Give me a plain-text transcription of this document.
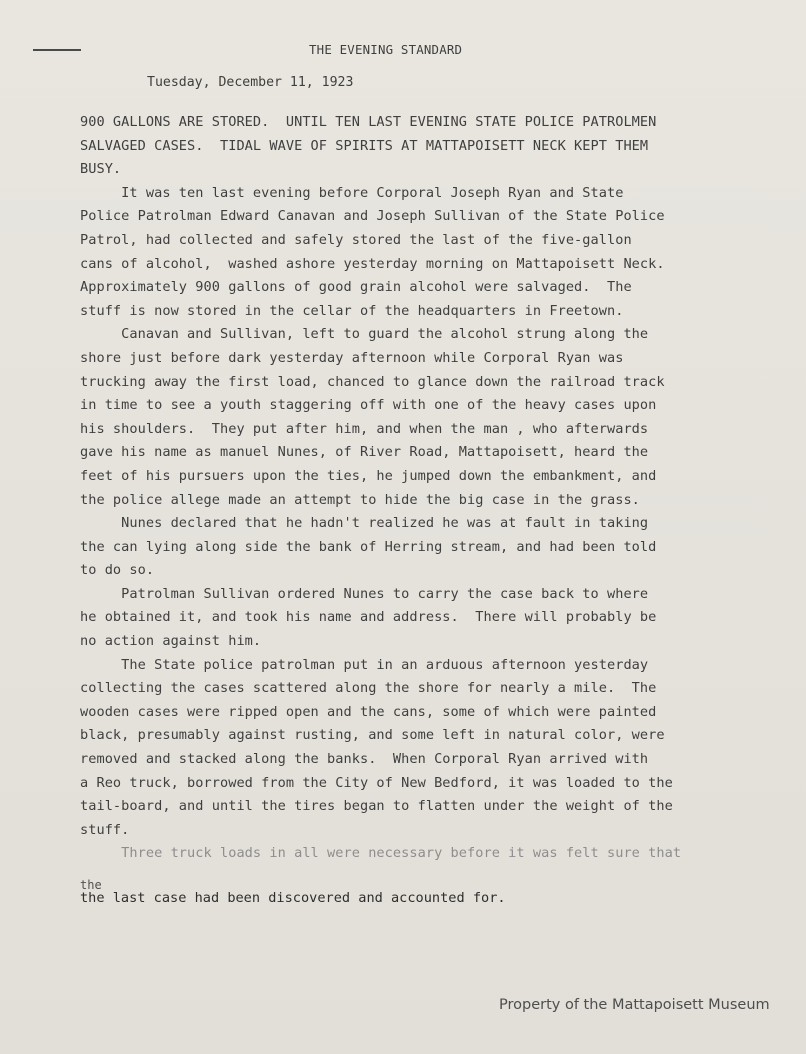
THE EVENING STANDARD
Tuesday, December 11, 1923
900 GALLONS ARE STORED.  UNTIL TEN LAST EVENING STATE POLICE PATROLMEN
SALVAGED CASES.  TIDAL WAVE OF SPIRITS AT MATTAPOISETT NECK KEPT THEM
BUSY.
It was ten last evening before Corporal Joseph Ryan and State
Police Patrolman Edward Canavan and Joseph Sullivan of the State Police
Patrol, had collected and safely stored the last of the five-gallon
cans of alcohol,  washed ashore yesterday morning on Mattapoisett Neck.
Approximately 900 gallons of good grain alcohol were salvaged.  The
stuff is now stored in the cellar of the headquarters in Freetown.
Canavan and Sullivan, left to guard the alcohol strung along the
shore just before dark yesterday afternoon while Corporal Ryan was
trucking away the first load, chanced to glance down the railroad track
in time to see a youth staggering off with one of the heavy cases upon
his shoulders.  They put after him, and when the man , who afterwards
gave his name as manuel Nunes, of River Road, Mattapoisett, heard the
feet of his pursuers upon the ties, he jumped down the embankment, and
the police allege made an attempt to hide the big case in the grass.
Nunes declared that he hadn't realized he was at fault in taking
the can lying along side the bank of Herring stream, and had been told
to do so.
Patrolman Sullivan ordered Nunes to carry the case back to where
he obtained it, and took his name and address.  There will probably be
no action against him.
The State police patrolman put in an arduous afternoon yesterday
collecting the cases scattered along the shore for nearly a mile.  The
wooden cases were ripped open and the cans, some of which were painted
black, presumably against rusting, and some left in natural color, were
removed and stacked along the banks.  When Corporal Ryan arrived with
a Reo truck, borrowed from the City of New Bedford, it was loaded to the
tail-board, and until the tires began to flatten under the weight of the
stuff.
Three truck loads in all were necessary before it was felt sure that
the
the last case had been discovered and accounted for.
Property of the Mattapoisett Museum
